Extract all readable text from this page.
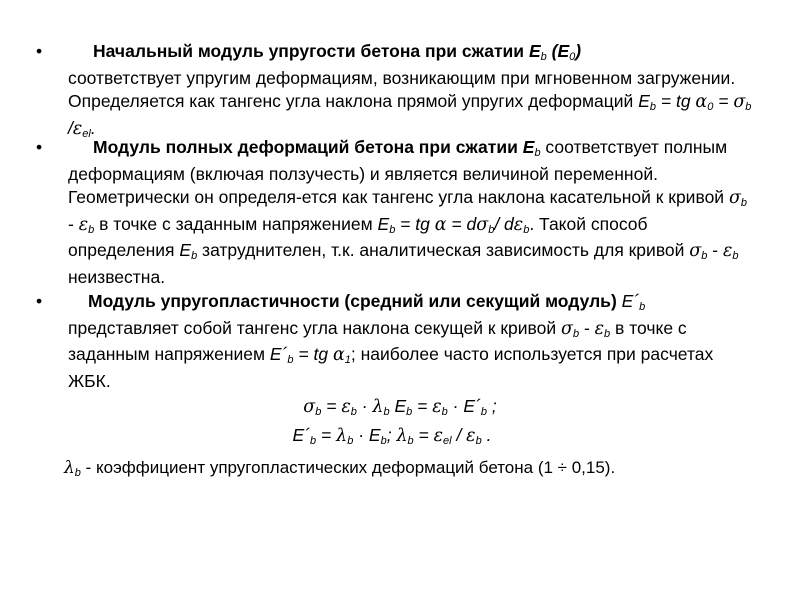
•	Начальный модуль упругости бетона при сжатии Eb (E0)
соответствует упругим деформациям, возникающим при мгновенном загружении. Определяется как тангенс угла наклона прямой упругих деформаций Eb = tg α0 = σb /εel.
•	Модуль полных деформаций бетона при сжатии Eb соответствует полным деформациям (включая ползучесть) и является величиной переменной. Геометрически он определя-ется как тангенс угла наклона касательной к кривой σb - εb в точке с заданным напряжением Eb = tg α = dσb/ dεb. Такой способ определения Eb затруднителен, т.к. аналитическая зависимость для кривой σb - εb неизвестна.
•	Модуль упругопластичности (средний или секущий модуль) E´b
представляет собой тангенс угла наклона секущей к кривой σb - εb в точке с заданным напряжением E´b = tg α1; наиболее часто используется при расчетах ЖБК.
σb = εb · λb Eb = εb · E´b ;
E´b = λb · Eb; λb = εel / εb .
λb - коэффициент упругопластических деформаций бетона (1 ÷ 0,15).
